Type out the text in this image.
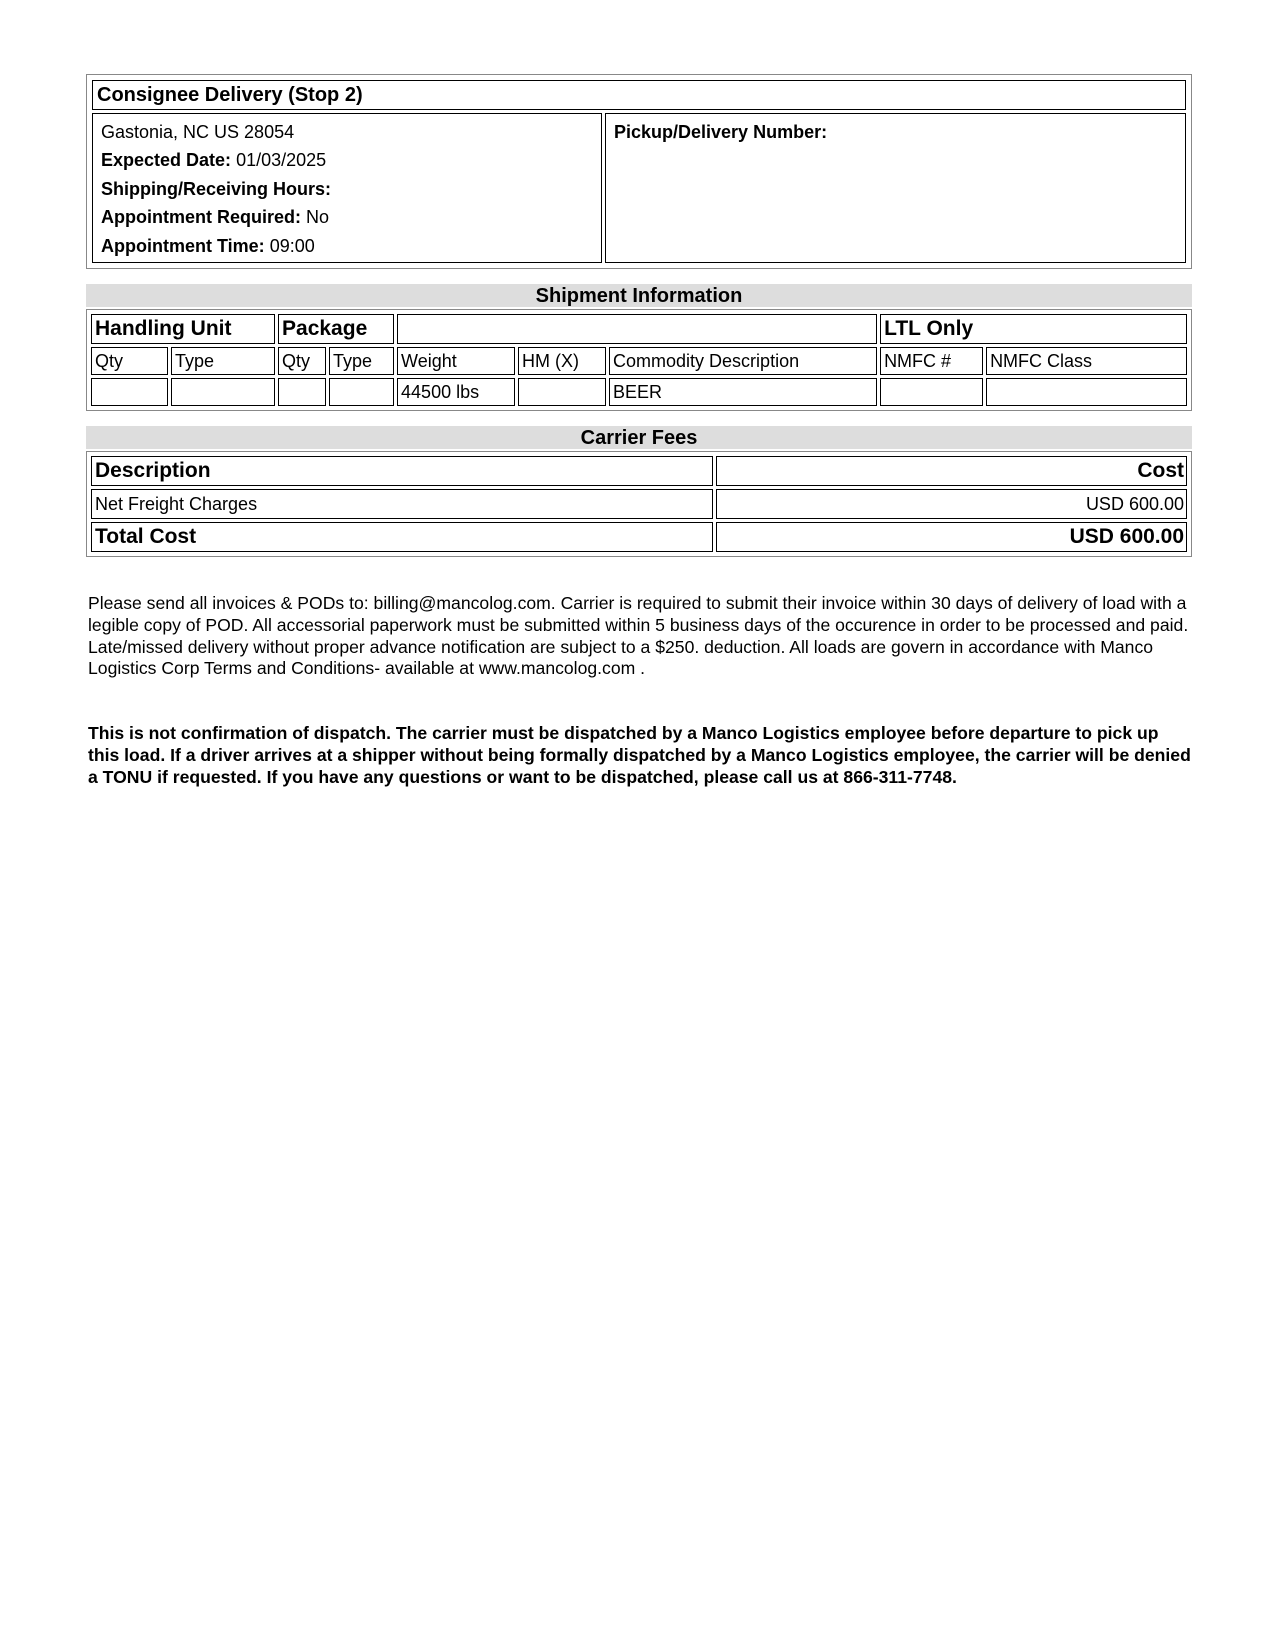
Consignee Delivery (Stop 2)

Gastonia, NC US 28054
Expected Date: 01/03/2025
Shipping/Receiving Hours:
Appointment Required: No
Appointment Time: 09:00

Pickup/Delivery Number:
Shipment Information
Handling Unit		Package					LTL Only	
Qty	Type	Qty	Type	Weight	HM (X)	Commodity Description	NMFC #	NMFC Class
				44500 lbs		BEER		
Carrier Fees
Description	Cost
Net Freight Charges	USD 600.00
Total Cost	USD 600.00

Please send all invoices & PODs to: billing@mancolog.com. Carrier is required to submit their invoice within 30 days of delivery of load with a legible copy of POD. All accessorial paperwork must be submitted within 5 business days of the occurence in order to be processed and paid.

Late/missed delivery without proper advance notification are subject to a $250. deduction. All loads are govern in accordance with Manco Logistics Corp Terms and Conditions- available at www.mancolog.com .

This is not confirmation of dispatch. The carrier must be dispatched by a Manco Logistics employee before departure to pick up this load. If a driver arrives at a shipper without being formally dispatched by a Manco Logistics employee, the carrier will be denied a TONU if requested. If you have any questions or want to be dispatched, please call us at 866-311-7748.
